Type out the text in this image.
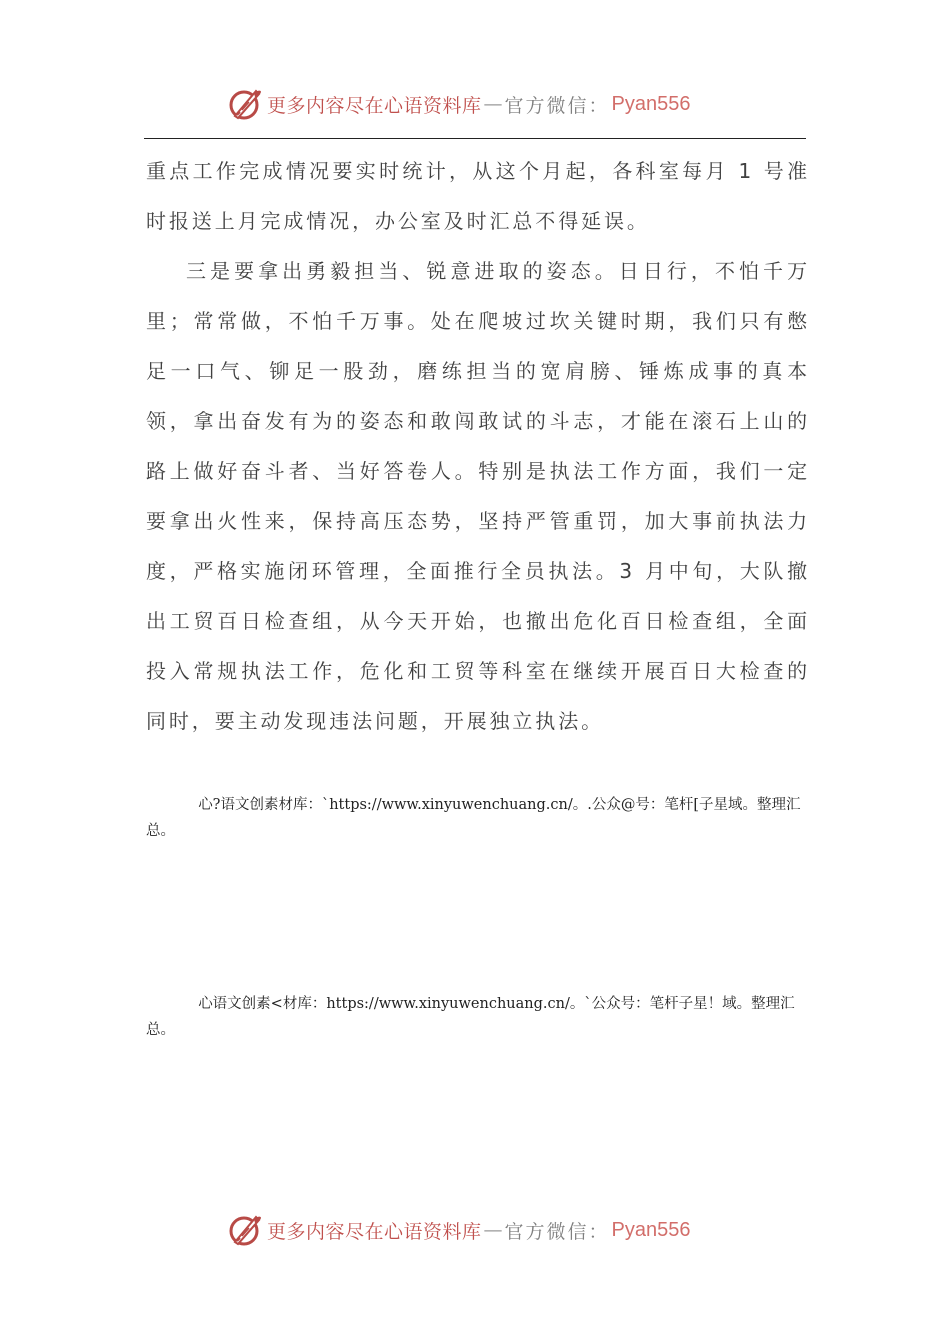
更多内容尽在心语资料库 — 官方微信： Pyan556

重点工作完成情况要实时统计，从这个月起，各科室每月 1 号准时报送上月完成情况，办公室及时汇总不得延误。

三是要拿出勇毅担当、锐意进取的姿态。日日行，不怕千万里；常常做，不怕千万事。处在爬坡过坎关键时期，我们只有憋足一口气、铆足一股劲，磨练担当的宽肩膀、锤炼成事的真本领，拿出奋发有为的姿态和敢闯敢试的斗志，才能在滚石上山的路上做好奋斗者、当好答卷人。特别是执法工作方面，我们一定要拿出火性来，保持高压态势，坚持严管重罚，加大事前执法力度，严格实施闭环管理，全面推行全员执法。3 月中旬，大队撤出工贸百日检查组，从今天开始，也撤出危化百日检查组，全面投入常规执法工作，危化和工贸等科室在继续开展百日大检查的同时，要主动发现违法问题，开展独立执法。

心?语文创素材库：`https://www.xinyuwenchuang.cn/。.公众@号：笔杆[子星域。整理汇总。
心语文创素<材库：https://www.xinyuwenchuang.cn/。`公众号：笔杆子星！域。整理汇总。
更多内容尽在心语资料库 — 官方微信： Pyan556
